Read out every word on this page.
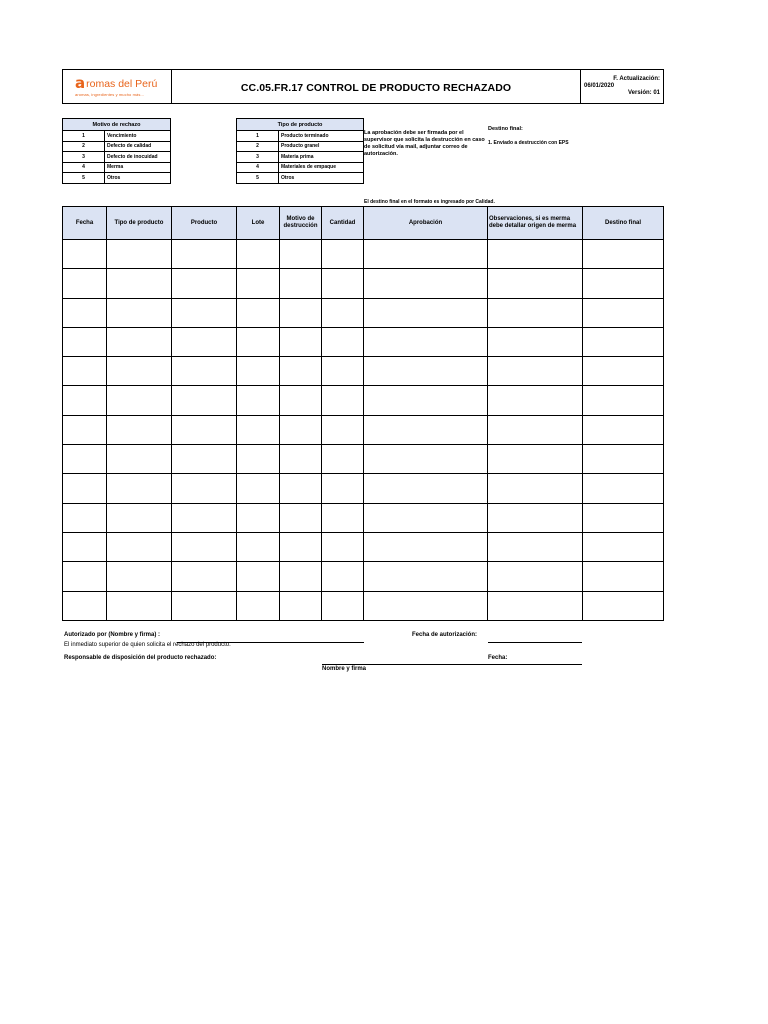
a romas del Perú
aromas, ingredientes y mucho más...
CC.05.FR.17 CONTROL DE PRODUCTO RECHAZADO
F. Actualización:
06/01/2020
Versión: 01
Motivo de rechazo	
1	Vencimiento
2	Defecto de calidad
3	Defecto de inocuidad
4	Merma
5	Otros
Tipo de producto	
1	Producto terminado
2	Producto granel
3	Materia prima
4	Materiales de empaque
5	Otros
La aprobación debe ser firmada por el supervisor que solicita la destrucción en caso de solicitud vía mail, adjuntar correo de autorización.
Destino final:
1. Enviado a destrucción con EPS
El destino final en el formato es ingresado por Calidad.
Fecha	Tipo de producto	Producto	Lote	Motivo de destrucción	Cantidad	Aprobación	Observaciones, si es merma debe detallar origen de merma	Destino final

Autorizado por (Nombre y firma) :
El inmediato superior de quien solicita el rechazo del producto.
Fecha de autorización:
Responsable de disposición del producto rechazado:	Fecha:
Nombre y firma
